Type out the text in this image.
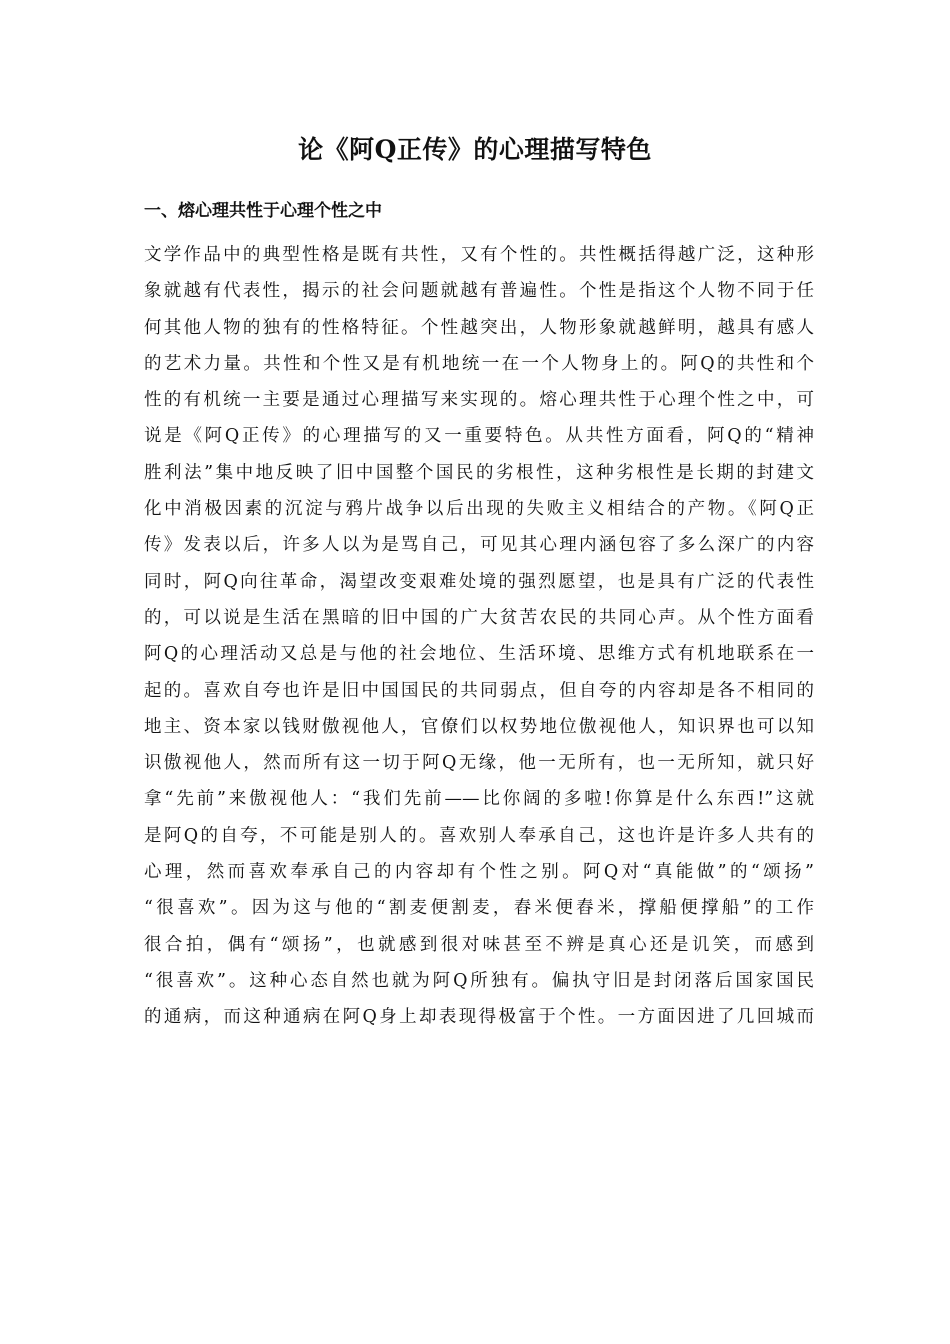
论《阿Q正传》的心理描写特色
一、熔心理共性于心理个性之中
文学作品中的典型性格是既有共性，又有个性的。共性概括得越广泛，这种形
象就越有代表性，揭示的社会问题就越有普遍性。个性是指这个人物不同于任
何其他人物的独有的性格特征。个性越突出，人物形象就越鲜明，越具有感人
的艺术力量。共性和个性又是有机地统一在一个人物身上的。阿Q的共性和个
性的有机统一主要是通过心理描写来实现的。熔心理共性于心理个性之中，可
说是《阿Q正传》的心理描写的又一重要特色。从共性方面看，阿Q的“精神
胜利法”集中地反映了旧中国整个国民的劣根性，这种劣根性是长期的封建文
化中消极因素的沉淀与鸦片战争以后出现的失败主义相结合的产物。《阿Q正
传》发表以后，许多人以为是骂自己，可见其心理内涵包容了多么深广的内容
同时，阿Q向往革命，渴望改变艰难处境的强烈愿望，也是具有广泛的代表性
的，可以说是生活在黑暗的旧中国的广大贫苦农民的共同心声。从个性方面看
阿Q的心理活动又总是与他的社会地位、生活环境、思维方式有机地联系在一
起的。喜欢自夸也许是旧中国国民的共同弱点，但自夸的内容却是各不相同的
地主、资本家以钱财傲视他人，官僚们以权势地位傲视他人，知识界也可以知
识傲视他人，然而所有这一切于阿Q无缘，他一无所有，也一无所知，就只好
拿“先前”来傲视他人：“我们先前——比你阔的多啦!你算是什么东西!”这就
是阿Q的自夸，不可能是别人的。喜欢别人奉承自己，这也许是许多人共有的
心理，然而喜欢奉承自己的内容却有个性之别。阿Q对“真能做”的“颂扬”
“很喜欢”。因为这与他的“割麦便割麦，舂米便舂米，撑船便撑船”的工作
很合拍，偶有“颂扬”，也就感到很对味甚至不辨是真心还是讥笑，而感到
“很喜欢”。这种心态自然也就为阿Q所独有。偏执守旧是封闭落后国家国民
的通病，而这种通病在阿Q身上却表现得极富于个性。一方面因进了几回城而
